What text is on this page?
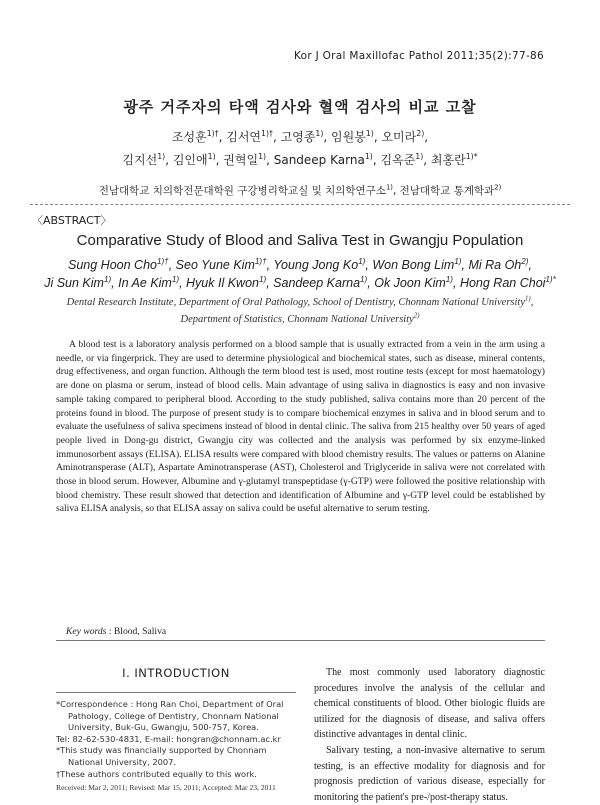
Kor J Oral Maxillofac Pathol 2011;35(2):77-86
광주 거주자의 타액 검사와 혈액 검사의 비교 고찰
조성훈$^{1)\dagger}$, 김서연$^{1)\dagger}$, 고영종$^{1)}$, 임원봉$^{1)}$, 오미라$^{2)}$,
김지선$^{1)}$, 김인애$^{1)}$, 권혁일$^{1)}$, Sandeep Karna$^{1)}$, 김옥준$^{1)}$, 최홍란$^{1)*}$
전남대학교 치의학전문대학원 구강병리학교실 및 치의학연구소$^{1)}$, 전남대학교 통계학과$^{2)}$
〈ABSTRACT〉
Comparative Study of Blood and Saliva Test in Gwangju Population
Sung Hoon Cho$^{1)\dagger}$, Seo Yune Kim$^{1)\dagger}$, Young Jong Ko$^{1)}$, Won Bong Lim$^{1)}$, Mi Ra Oh$^{2)}$,
Ji Sun Kim$^{1)}$, In Ae Kim$^{1)}$, Hyuk Il Kwon$^{1)}$, Sandeep Karna$^{1)}$, Ok Joon Kim$^{1)}$, Hong Ran Choi$^{1)*}$
Dental Research Institute, Department of Oral Pathology, School of Dentistry, Chonnam National University$^{1)}$,
Department of Statistics, Chonnam National University$^{2)}$

A blood test is a laboratory analysis performed on a blood sample that is usually extracted from a vein in the arm using a needle, or via fingerprick. They are used to determine physiological and biochemical states, such as disease, mineral contents, drug effectiveness, and organ function. Although the term blood test is used, most routine tests (except for most haematology) are done on plasma or serum, instead of blood cells. Main advantage of using saliva in diagnostics is easy and non invasive sample taking compared to peripheral blood. According to the study published, saliva contains more than 20 percent of the proteins found in blood. The purpose of present study is to compare biochemical enzymes in saliva and in blood serum and to evaluate the usefulness of saliva specimens instead of blood in dental clinic. The saliva from 215 healthy over 50 years of aged people lived in Dong-gu district, Gwangju city was collected and the analysis was performed by six enzyme-linked immunosorbent assays (ELISA). ELISA results were compared with blood chemistry results. The values or patterns on Alanine Aminotransperase (ALT), Aspartate Aminotransperase (AST), Cholesterol and Triglyceride in saliva were not correlated with those in blood serum. However, Albumine and γ-glutamyl transpeptidase (γ-GTP) were followed the positive relationship with blood chemistry. These result showed that detection and identification of Albumine and γ-GTP level could be established by saliva ELISA analysis, so that ELISA assay on saliva could be useful alternative to serum testing.

Key words : Blood, Saliva
I. INTRODUCTION

*Correspondence : Hong Ran Choi, Department of Oral Pathology, College of Dentistry, Chonnam National University, Buk-Gu, Gwangju, 500-757, Korea.

Tel: 82-62-530-4831, E-mail: hongran@chonnam.ac.kr

*This study was financially supported by Chonnam National University, 2007.

†These authors contributed equally to this work.

Received: Mar 2, 2011; Revised: Mar 15, 2011; Accepted: Mar 23, 2011

The most commonly used laboratory diagnostic procedures involve the analysis of the cellular and chemical constituents of blood. Other biologic fluids are utilized for the diagnosis of disease, and saliva offers distinctive advantages in dental clinic.

Salivary testing, a non-invasive alternative to serum testing, is an effective modality for diagnosis and for prognosis prediction of various disease, especially for monitoring the patient's pre-/post-therapy status.
